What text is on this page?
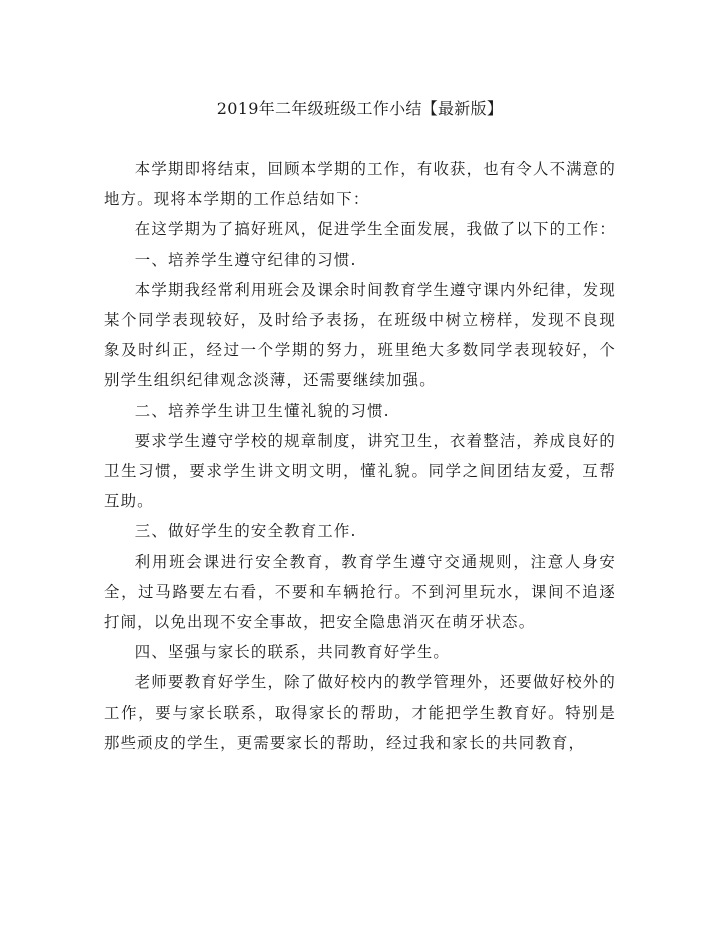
2019年二年级班级工作小结【最新版】

本学期即将结束，回顾本学期的工作，有收获，也有令人不满意的地方。现将本学期的工作总结如下：

在这学期为了搞好班风，促进学生全面发展，我做了以下的工作：

一、培养学生遵守纪律的习惯.

本学期我经常利用班会及课余时间教育学生遵守课内外纪律，发现某个同学表现较好，及时给予表扬，在班级中树立榜样，发现不良现象及时纠正，经过一个学期的努力，班里绝大多数同学表现较好，个别学生组织纪律观念淡薄，还需要继续加强。

二、培养学生讲卫生懂礼貌的习惯.

要求学生遵守学校的规章制度，讲究卫生，衣着整洁，养成良好的卫生习惯，要求学生讲文明文明，懂礼貌。同学之间团结友爱，互帮互助。

三、做好学生的安全教育工作.

利用班会课进行安全教育，教育学生遵守交通规则，注意人身安全，过马路要左右看，不要和车辆抢行。不到河里玩水，课间不追逐打闹，以免出现不安全事故，把安全隐患消灭在萌牙状态。

四、坚强与家长的联系，共同教育好学生。

老师要教育好学生，除了做好校内的教学管理外，还要做好校外的工作，要与家长联系，取得家长的帮助，才能把学生教育好。特别是那些顽皮的学生，更需要家长的帮助，经过我和家长的共同教育，
